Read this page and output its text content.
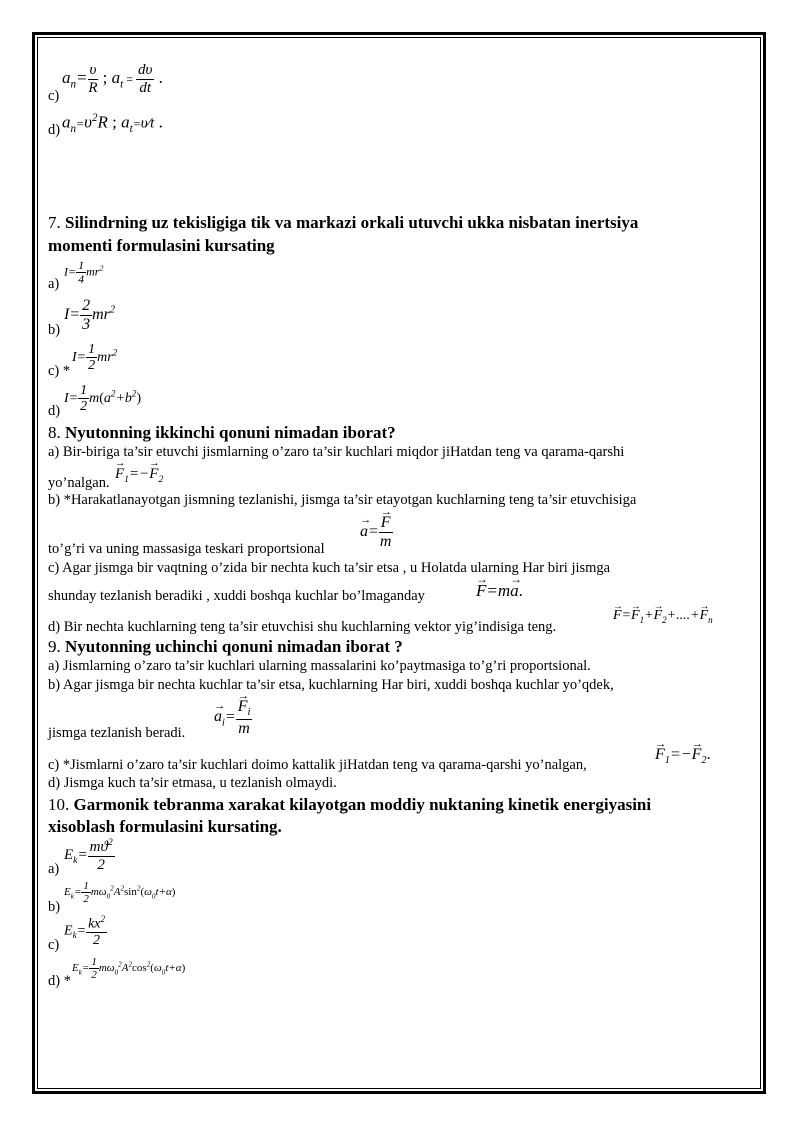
c)
$a_n= \frac{\upsilon}{R}$ ; $a_t = \frac{d\upsilon}{dt}$ .
d) $a_n=\upsilon^2R$ ; $a_t=\upsilon⁄t$ .
7. Silindrning uz tekisligiga tik va markazi orkali utuvchi ukka nisbatan inertsiya
momenti formulasini kursating
a)
$I= \frac{1}{4} mr^2$
b)
$I= \frac{2}{3} mr^2$
c) *
$I= \frac{1}{2} mr^2$
d)
$I= \frac{1}{2} m(a^2+b^2)$
8. Nyutonning ikkinchi qonuni nimadan iborat?
a) Bir-biriga ta’sir etuvchi jismlarning o’zaro ta’sir kuchlari miqdor jiHatdan teng va qarama-qarshi
yo’nalgan.
→ $F_1=-\to F_2$
b) *Harakatlanayotgan jismning tezlanishi, jismga ta’sir etayotgan kuchlarning teng ta’sir etuvchisiga
to’g’ri va uning massasiga teskari proportsional
→ a=
→ $\frac{F}{m}$
c) Agar jismga bir vaqtning o’zida bir nechta kuch ta’sir etsa , u Holatda ularning Har biri jismga
shunday tezlanish beradiki , xuddi boshqa kuchlar bo’lmaganday
→	F=m→ a.
d) Bir nechta kuchlarning teng ta’sir etuvchisi shu kuchlarning vektor yig’indisiga teng.
→ $F=\to F_1+\to F_2+....+\to F_n$
9. Nyutonning uchinchi qonuni nimadan iborat ?
a) Jismlarning o’zaro ta’sir kuchlari ularning massalarini ko’paytmasiga to’g’ri proportsional.
b) Agar jismga bir nechta kuchlar ta’sir etsa, kuchlarning Har biri, xuddi boshqa kuchlar yo’qdek,
jismga tezlanish beradi.
→ $a_i=$
→ $\frac{F_i}{m}$
c) *Jismlarni o’zaro ta’sir kuchlari doimo kattalik jiHatdan teng va qarama-qarshi yo’nalgan,
→ $F_1=-\to F_2$.
d) Jismga kuch ta’sir etmasa, u tezlanish olmaydi.
10. Garmonik tebranma xarakat kilayotgan moddiy nuktaning kinetik energiyasini
xisoblash formulasini kursating.
a)
$E_k= \frac{mϑ^2}{2}$
b)
$E_k= \frac{1}{2} m\omega_0^2A^2\sin^2(\omega_0t+\alpha)$
c)
$E_k= \frac{kx^2}{2}$
d) *
$E_k= \frac{1}{2} m\omega_0^2A^2\cos^2(\omega_0t+\alpha)$
